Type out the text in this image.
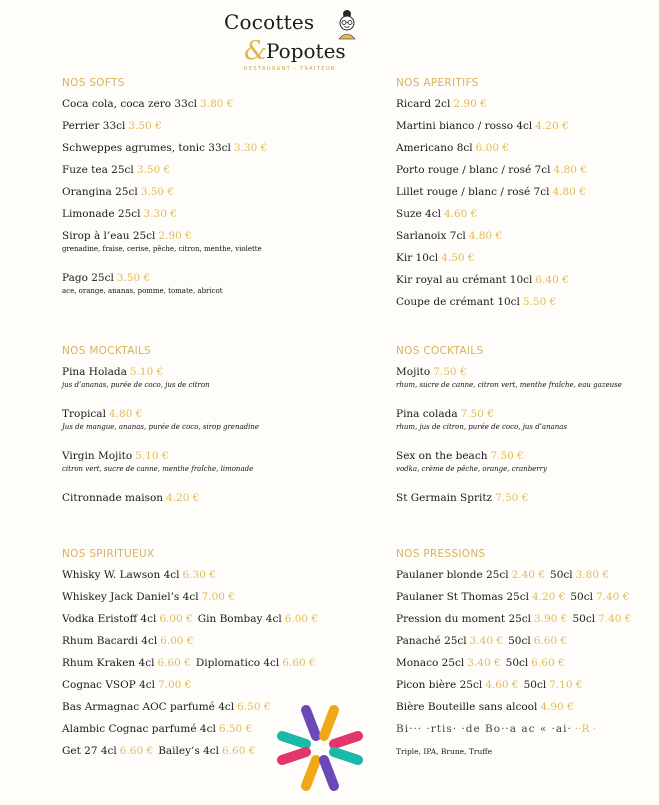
Cocottes
&
Popotes
RESTAURANT · TRAITEUR
NOS SOFTS
Coca cola, coca zero 33cl 3.80 €
Perrier 33cl 3.50 €
Schweppes agrumes, tonic 33cl 3.30 €
Fuze tea 25cl 3.50 €
Orangina 25cl 3.50 €
Limonade 25cl 3.30 €
Sirop à l’eau 25cl 2.90 €
grenadine, fraise, cerise, pêche, citron, menthe, violette
Pago 25cl 3.50 €
ace, orange, ananas, pomme, tomate, abricot
NOS MOCKTAILS
Pina Holada 5.10 €
jus d’ananas, purée de coco, jus de citron
Tropical 4.80 €
Jus de mangue, ananas, purée de coco, sirop grenadine
Virgin Mojito 5.10 €
citron vert, sucre de canne, menthe fraîche, limonade
Citronnade maison 4.20 €
NOS SPIRITUEUX
Whisky W. Lawson 4cl 6.30 €
Whiskey Jack Daniel’s 4cl 7.00 €
Vodka Eristoff 4cl 6.00 € Gin Bombay 4cl 6.00 €
Rhum Bacardi 4cl 6.00 €
Rhum Kraken 4cl 6.60 € Diplomatico 4cl 6.60 €
Cognac VSOP 4cl 7.00 €
Bas Armagnac AOC parfumé 4cl 6.50 €
Alambic Cognac parfumé 4cl 6.50 €
Get 27 4cl 6.60 € Bailey’s 4cl 6.60 €
NOS APERITIFS
Ricard 2cl 2.90 €
Martini bianco / rosso 4cl 4.20 €
Americano 8cl 6.00 €
Porto rouge / blanc / rosé 7cl 4.80 €
Lillet rouge / blanc / rosé 7cl 4.80 €
Suze 4cl 4.60 €
Sarlanoix 7cl 4.80 €
Kir 10cl 4.50 €
Kir royal au crémant 10cl 6.40 €
Coupe de crémant 10cl 5.50 €
NOS COCKTAILS
Mojito 7.50 €
rhum, sucre de canne, citron vert, menthe fraîche, eau gazeuse
Pina colada 7.50 €
rhum, jus de citron, purée de coco, jus d’ananas
Sex on the beach 7.50 €
vodka, crème de pêche, orange, cranberry
St Germain Spritz 7.50 €
NOS PRESSIONS
Paulaner blonde 25cl 2.40 € 50cl 3.80 €
Paulaner St Thomas 25cl 4.20 € 50cl 7.40 €
Pression du moment 25cl 3.90 € 50cl 7.40 €
Panaché 25cl 3.40 € 50cl 6.60 €
Monaco 25cl 3.40 € 50cl 6.60 €
Picon bière 25cl 4.60 € 50cl 7.10 €
Bière Bouteille sans alcool 4.90 €
Bi··· ·rtis· ·de Bo··a ac « ·ai· ··R ·
Triple, IPA, Brune, Truffe
